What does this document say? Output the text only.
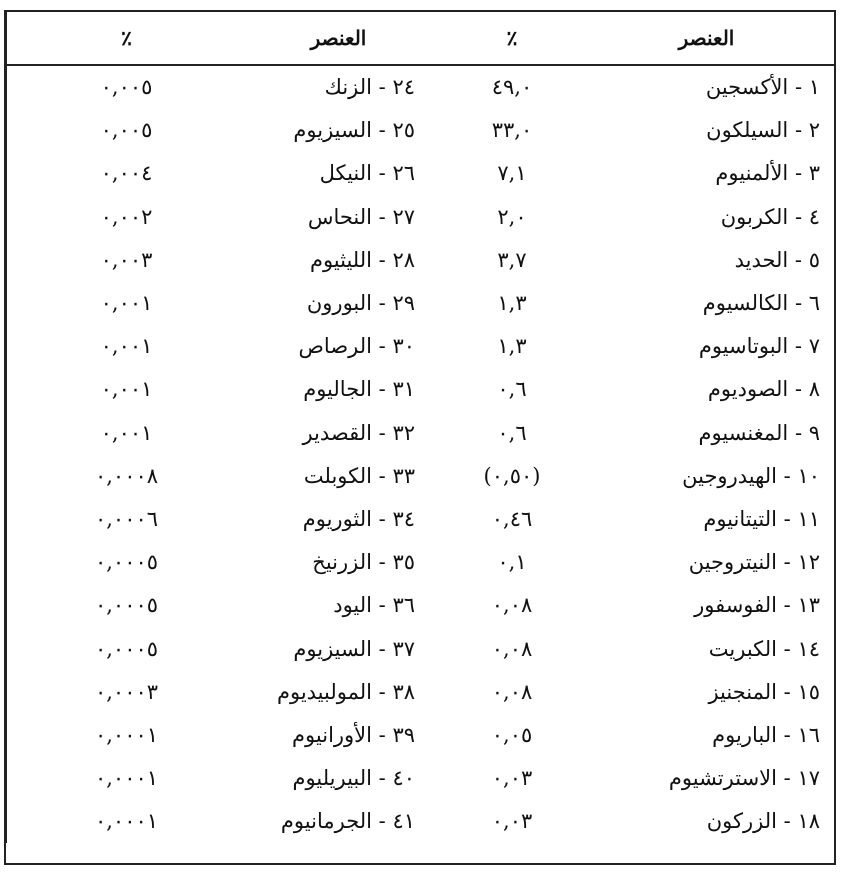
العنصر
٪
العنصر
٪
١ - الأكسجين
٤٩,٠
٢٤ - الزنك
٠,٠٠٥
٢ - السيلكون
٣٣,٠
٢٥ - السيزيوم
٠,٠٠٥
٣ - الألمنيوم
٧,١
٢٦ - النيكل
٠,٠٠٤
٤ - الكربون
٢,٠
٢٧ - النحاس
٠,٠٠٢
٥ - الحديد
٣,٧
٢٨ - الليثيوم
٠,٠٠٣
٦ - الكالسيوم
١,٣
٢٩ - البورون
٠,٠٠١
٧ - البوتاسيوم
١,٣
٣٠ - الرصاص
٠,٠٠١
٨ - الصوديوم
٠,٦
٣١ - الجاليوم
٠,٠٠١
٩ - المغنسيوم
٠,٦
٣٢ - القصدير
٠,٠٠١
١٠ - الهيدروجين
(٠,٥٠)
٣٣ - الكوبلت
٠,٠٠٠٨
١١ - التيتانيوم
٠,٤٦
٣٤ - الثوريوم
٠,٠٠٠٦
١٢ - النيتروجين
٠,١
٣٥ - الزرنيخ
٠,٠٠٠٥
١٣ - الفوسفور
٠,٠٨
٣٦ - اليود
٠,٠٠٠٥
١٤ - الكبريت
٠,٠٨
٣٧ - السيزيوم
٠,٠٠٠٥
١٥ - المنجنيز
٠,٠٨
٣٨ - المولبيديوم
٠,٠٠٠٣
١٦ - الباريوم
٠,٠٥
٣٩ - الأورانيوم
٠,٠٠٠١
١٧ - الاسترتشيوم
٠,٠٣
٤٠ - البيريليوم
٠,٠٠٠١
١٨ - الزركون
٠,٠٣
٤١ - الجرمانيوم
٠,٠٠٠١
